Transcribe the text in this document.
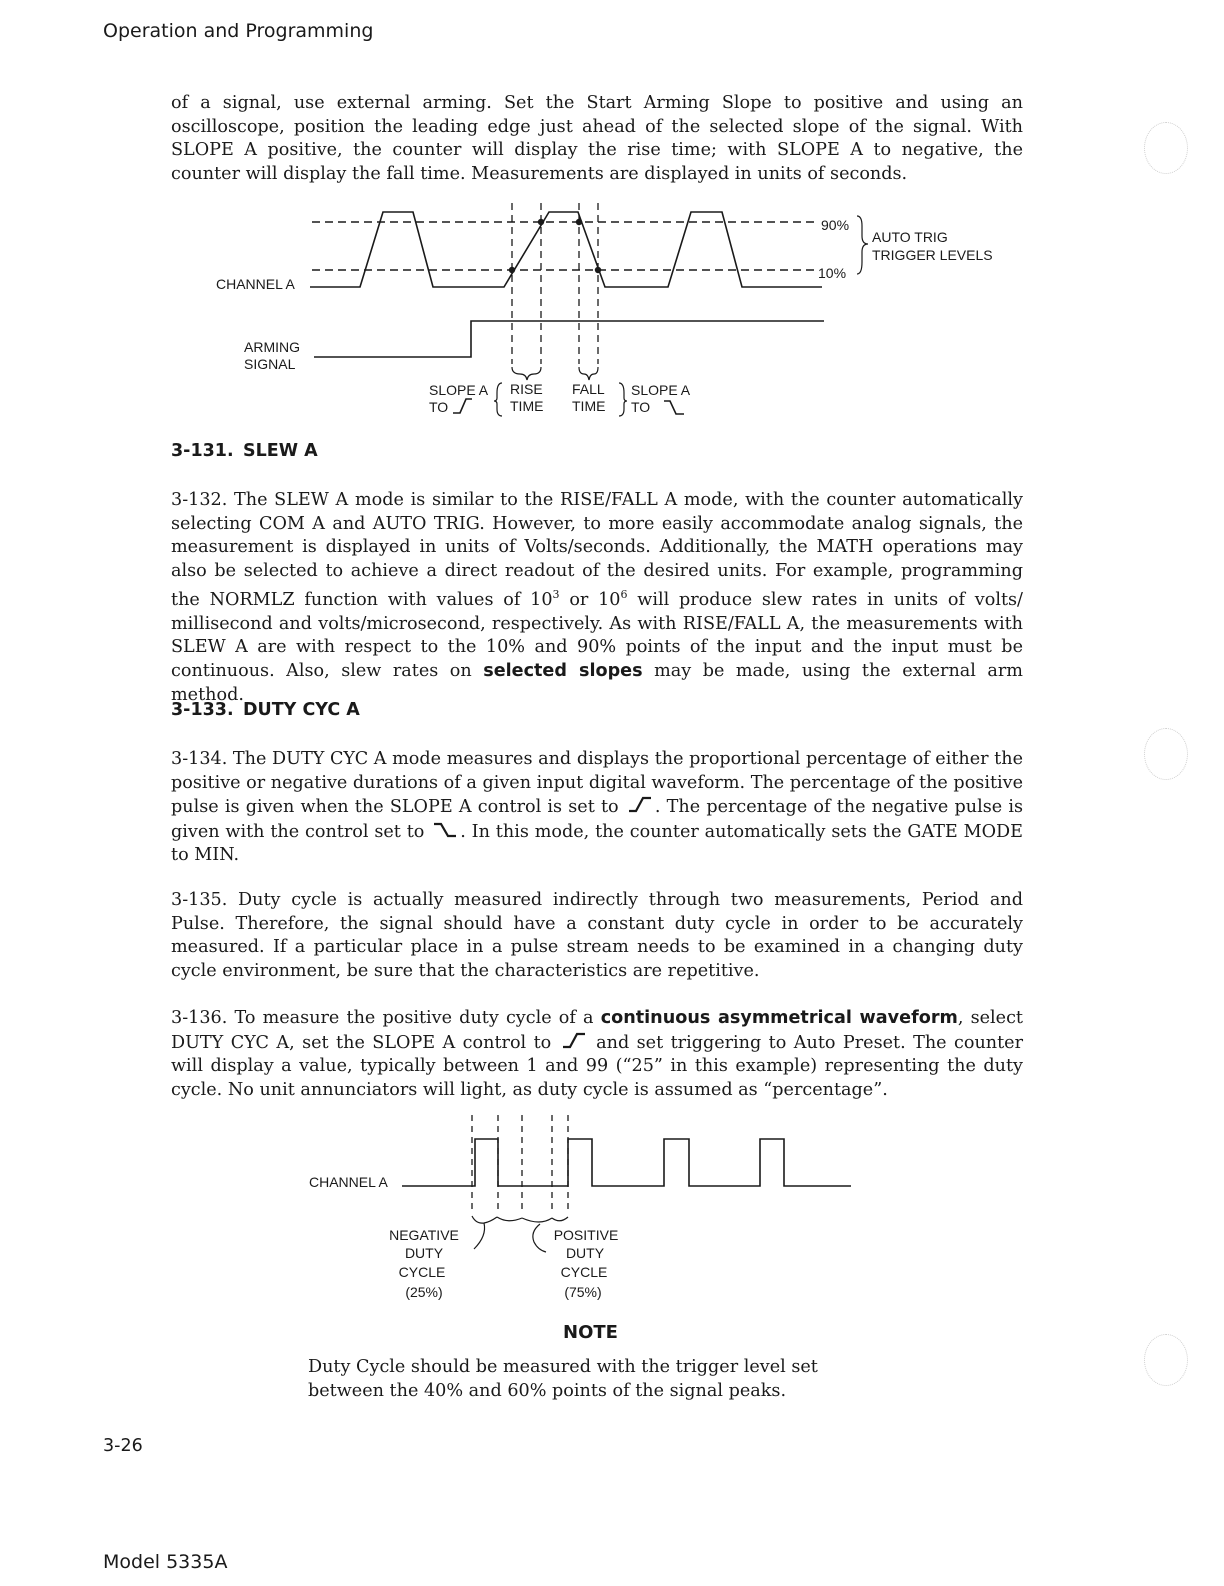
Operation and Programming

of a signal, use external arming. Set the Start Arming Slope to positive and using an oscilloscope, position the leading edge just ahead of the selected slope of the signal. With SLOPE A positive, the counter will display the rise time; with SLOPE A to negative, the counter will display the fall time. Measurements are displayed in units of seconds.

CHANNEL A
ARMING
SIGNAL
90%
10%
AUTO TRIG
TRIGGER LEVELS
SLOPE A
TO
RISE
TIME
FALL
TIME
SLOPE A
TO
3-131. SLEW A

3-132. The SLEW A mode is similar to the RISE/FALL A mode, with the counter automatically selecting COM A and AUTO TRIG. However, to more easily accommodate analog signals, the measurement is displayed in units of Volts/seconds. Additionally, the MATH operations may also be selected to achieve a direct readout of the desired units. For example, programming the NORMLZ function with values of $10^3$ or $10^6$ will produce slew rates in units of volts/ millisecond and volts/microsecond, respectively. As with RISE/FALL A, the measurements with SLEW A are with respect to the 10% and 90% points of the input and the input must be continuous. Also, slew rates on selected slopes may be made, using the external arm method.

3-133. DUTY CYC A

3-134. The DUTY CYC A mode measures and displays the proportional percentage of either the positive or negative durations of a given input digital waveform. The percentage of the positive pulse is given when the SLOPE A control is set to . The percentage of the negative pulse is given with the control set to . In this mode, the counter automatically sets the GATE MODE to MIN.

3-135. Duty cycle is actually measured indirectly through two measurements, Period and Pulse. Therefore, the signal should have a constant duty cycle in order to be accurately measured. If a particular place in a pulse stream needs to be examined in a changing duty cycle environment, be sure that the characteristics are repetitive.

3-136. To measure the positive duty cycle of a continuous asymmetrical waveform, select DUTY CYC A, set the SLOPE A control to  and set triggering to Auto Preset. The counter will display a value, typically between 1 and 99 (“25” in this example) representing the duty cycle. No unit annunciators will light, as duty cycle is assumed as “percentage”.

CHANNEL A
NEGATIVE
DUTY
CYCLE
(25%)
POSITIVE
DUTY
CYCLE
(75%)
NOTE

Duty Cycle should be measured with the trigger level set between the 40% and 60% points of the signal peaks.

3-26
Model 5335A
